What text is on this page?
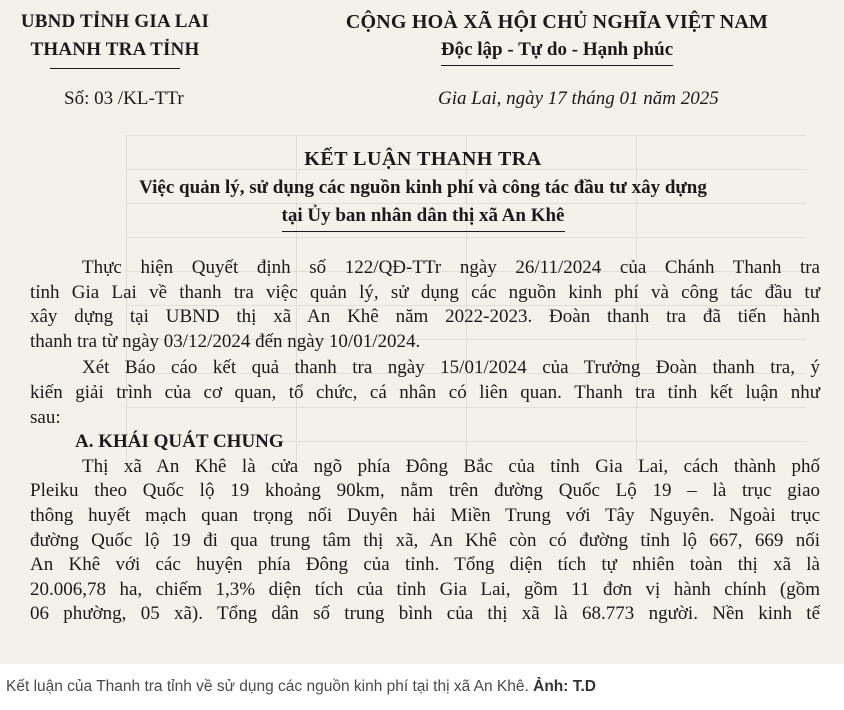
UBND TỈNH GIA LAI
THANH TRA TỈNH
CỘNG HOÀ XÃ HỘI CHỦ NGHĨA VIỆT NAM
Độc lập - Tự do - Hạnh phúc
Số: 03 /KL-TTr	Gia Lai, ngày 17 tháng 01 năm 2025
KẾT LUẬN THANH TRA
Việc quản lý, sử dụng các nguồn kinh phí và công tác đầu tư xây dựng
tại Ủy ban nhân dân thị xã An Khê
Thực hiện Quyết định số 122/QĐ-TTr ngày 26/11/2024 của Chánh Thanh tra
tỉnh Gia Lai về thanh tra việc quản lý, sử dụng các nguồn kinh phí và công tác đầu tư
xây dựng tại UBND thị xã An Khê năm 2022-2023. Đoàn thanh tra đã tiến hành
thanh tra từ ngày 03/12/2024 đến ngày 10/01/2024.
Xét Báo cáo kết quả thanh tra ngày 15/01/2024 của Trưởng Đoàn thanh tra, ý
kiến giải trình của cơ quan, tổ chức, cá nhân có liên quan. Thanh tra tỉnh kết luận như
sau:
A. KHÁI QUÁT CHUNG
Thị xã An Khê là cửa ngõ phía Đông Bắc của tỉnh Gia Lai, cách thành phố
Pleiku theo Quốc lộ 19 khoảng 90km, nằm trên đường Quốc Lộ 19 – là trục giao
thông huyết mạch quan trọng nối Duyên hải Miền Trung với Tây Nguyên. Ngoài trục
đường Quốc lộ 19 đi qua trung tâm thị xã, An Khê còn có đường tỉnh lộ 667, 669 nối
An Khê với các huyện phía Đông của tỉnh. Tổng diện tích tự nhiên toàn thị xã là
20.006,78 ha, chiếm 1,3% diện tích của tỉnh Gia Lai, gồm 11 đơn vị hành chính (gồm
06 phường, 05 xã). Tổng dân số trung bình của thị xã là 68.773 người. Nền kinh tế
Kết luận của Thanh tra tỉnh về sử dụng các nguồn kinh phí tại thị xã An Khê. Ảnh: T.D
